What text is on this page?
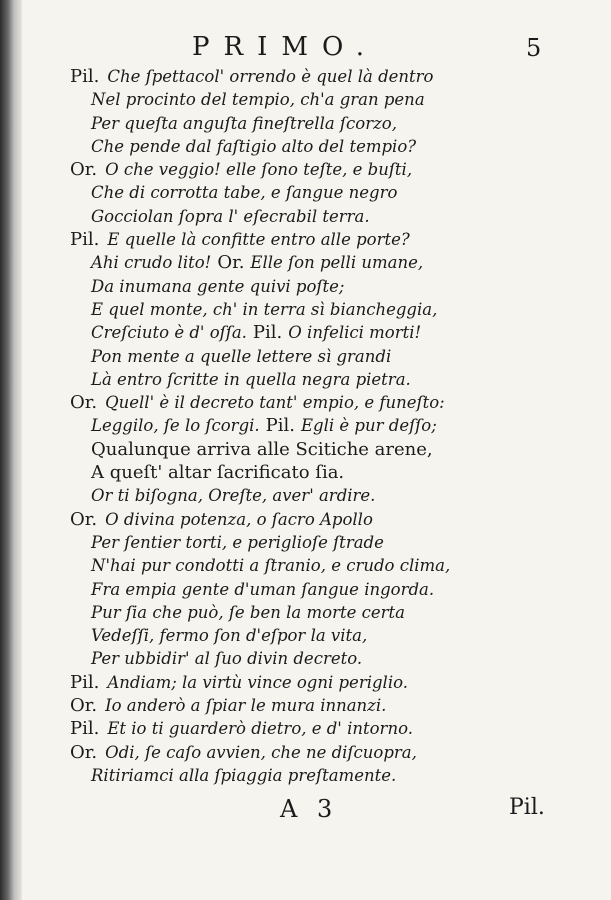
PRIMO.	5
Pil. Che ſpettacol' orrendo è quel là dentro
Nel procinto del tempio, ch'a gran pena
Per queſta anguſta fineſtrella ſcorzo,
Che pende dal faſtigio alto del tempio?
Or. O che veggio! elle ſono teſte, e buſti,
Che di corrotta tabe, e ſangue negro
Gocciolan ſopra l' eſecrabil terra.
Pil. E quelle là confitte entro alle porte?
Ahi crudo lito! Or. Elle ſon pelli umane,
Da inumana gente quivi poſte;
E quel monte, ch' in terra sì biancheggia,
Creſciuto è d' oſſa. Pil. O infelici morti!
Pon mente a quelle lettere sì grandi
Là entro ſcritte in quella negra pietra.
Or. Quell' è il decreto tant' empio, e funeſto:
Leggilo, ſe lo ſcorgi. Pil. Egli è pur deſſo;
Qualunque arriva alle Scitiche arene,
A queſt' altar ſacrificato ſia.
Or ti biſogna, Oreſte, aver' ardire.
Or. O divina potenza, o ſacro Apollo
Per ſentier torti, e periglioſe ſtrade
N'hai pur condotti a ſtranio, e crudo clima,
Fra empia gente d'uman ſangue ingorda.
Pur ſia che può, ſe ben la morte certa
Vedeſſi, fermo ſon d'eſpor la vita,
Per ubbidir' al ſuo divin decreto.
Pil. Andiam; la virtù vince ogni periglio.
Or. Io anderò a ſpiar le mura innanzi.
Pil. Et io ti guarderò dietro, e d' intorno.
Or. Odi, ſe caſo avvien, che ne diſcuopra,
Ritiriamci alla ſpiaggia preſtamente.
A 3	Pil.
